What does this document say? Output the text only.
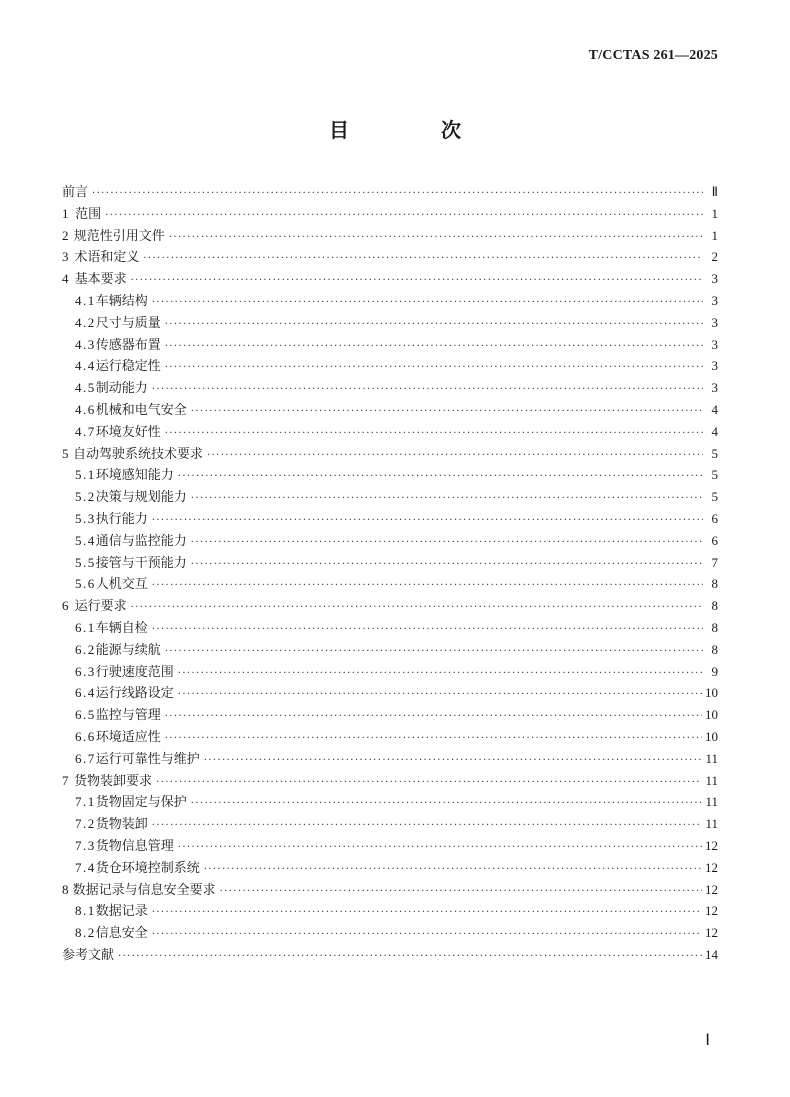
T/CCTAS 261—2025
目　次
前言 ·····	Ⅱ
1 范围 ·····	1
2 规范性引用文件 ·····	1
3 术语和定义 ·····	2
4 基本要求 ·····	3
4.1 车辆结构 ·····	3
4.2 尺寸与质量 ·····	3
4.3 传感器布置 ·····	3
4.4 运行稳定性 ·····	3
4.5 制动能力 ·····	3
4.6 机械和电气安全 ·····	4
4.7 环境友好性 ·····	4
5 自动驾驶系统技术要求 ·····	5
5.1 环境感知能力 ·····	5
5.2 决策与规划能力 ·····	5
5.3 执行能力 ·····	6
5.4 通信与监控能力 ·····	6
5.5 接管与干预能力 ·····	7
5.6 人机交互 ·····	8
6 运行要求 ·····	8
6.1 车辆自检 ·····	8
6.2 能源与续航 ·····	8
6.3 行驶速度范围 ·····	9
6.4 运行线路设定 ·····	10
6.5 监控与管理 ·····	10
6.6 环境适应性 ·····	10
6.7 运行可靠性与维护 ·····	11
7 货物装卸要求 ·····	11
7.1 货物固定与保护 ·····	11
7.2 货物装卸 ·····	11
7.3 货物信息管理 ·····	12
7.4 货仓环境控制系统 ·····	12
8 数据记录与信息安全要求 ·····	12
8.1 数据记录 ·····	12
8.2 信息安全 ·····	12
参考文献 ·····	14
Ⅰ
